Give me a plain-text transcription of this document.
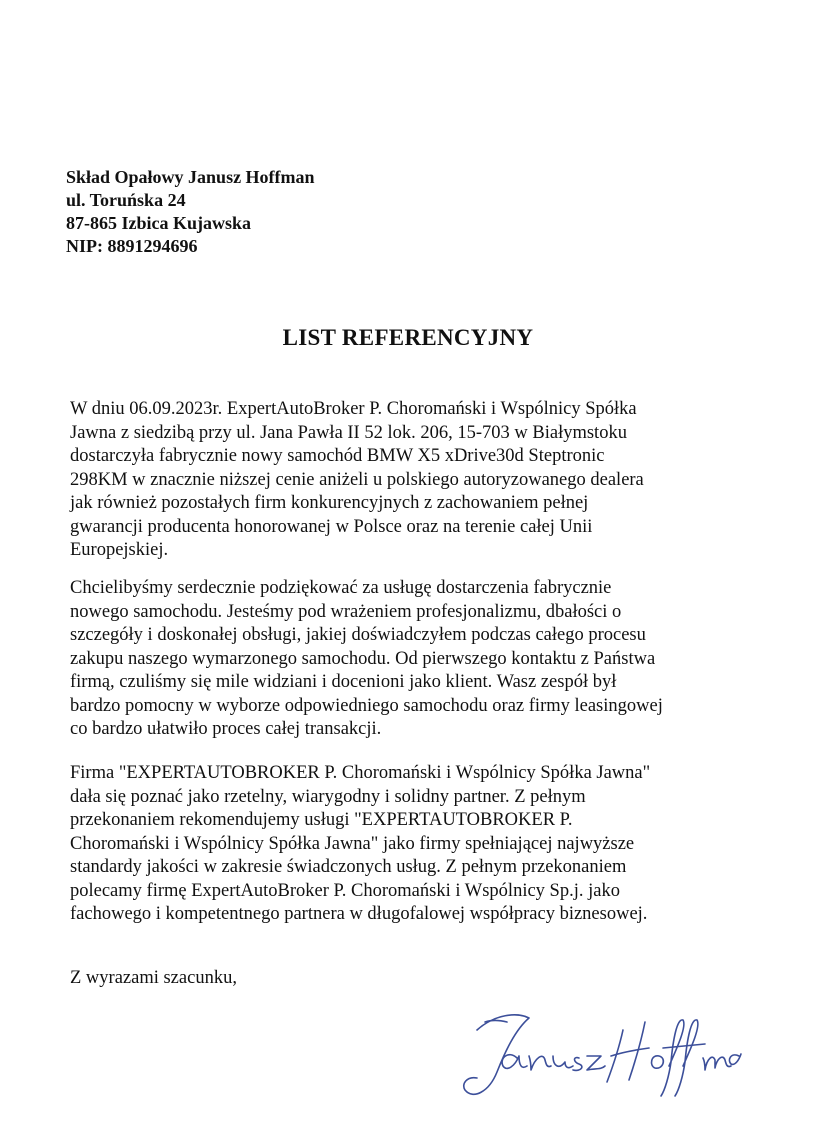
Skład Opałowy Janusz Hoffman
ul. Toruńska 24
87-865 Izbica Kujawska
NIP: 8891294696
LIST REFERENCYJNY
W dniu 06.09.2023r. ExpertAutoBroker P. Choromański i Wspólnicy Spółka
Jawna z siedzibą przy ul. Jana Pawła II 52 lok. 206, 15-703 w Białymstoku
dostarczyła fabrycznie nowy samochód BMW X5 xDrive30d Steptronic
298KM w znacznie niższej cenie aniżeli u polskiego autoryzowanego dealera
jak również pozostałych firm konkurencyjnych z zachowaniem pełnej
gwarancji producenta honorowanej w Polsce oraz na terenie całej Unii
Europejskiej.
Chcielibyśmy serdecznie podziękować za usługę dostarczenia fabrycznie
nowego samochodu. Jesteśmy pod wrażeniem profesjonalizmu, dbałości o
szczegóły i doskonałej obsługi, jakiej doświadczyłem podczas całego procesu
zakupu naszego wymarzonego samochodu. Od pierwszego kontaktu z Państwa
firmą, czuliśmy się mile widziani i docenioni jako klient. Wasz zespół był
bardzo pomocny w wyborze odpowiedniego samochodu oraz firmy leasingowej
co bardzo ułatwiło proces całej transakcji.
Firma "EXPERTAUTOBROKER P. Choromański i Wspólnicy Spółka Jawna"
dała się poznać jako rzetelny, wiarygodny i solidny partner. Z pełnym
przekonaniem rekomendujemy usługi "EXPERTAUTOBROKER P.
Choromański i Wspólnicy Spółka Jawna" jako firmy spełniającej najwyższe
standardy jakości w zakresie świadczonych usług. Z pełnym przekonaniem
polecamy firmę ExpertAutoBroker P. Choromański i Wspólnicy Sp.j. jako
fachowego i kompetentnego partnera w długofalowej współpracy biznesowej.
Z wyrazami szacunku,
